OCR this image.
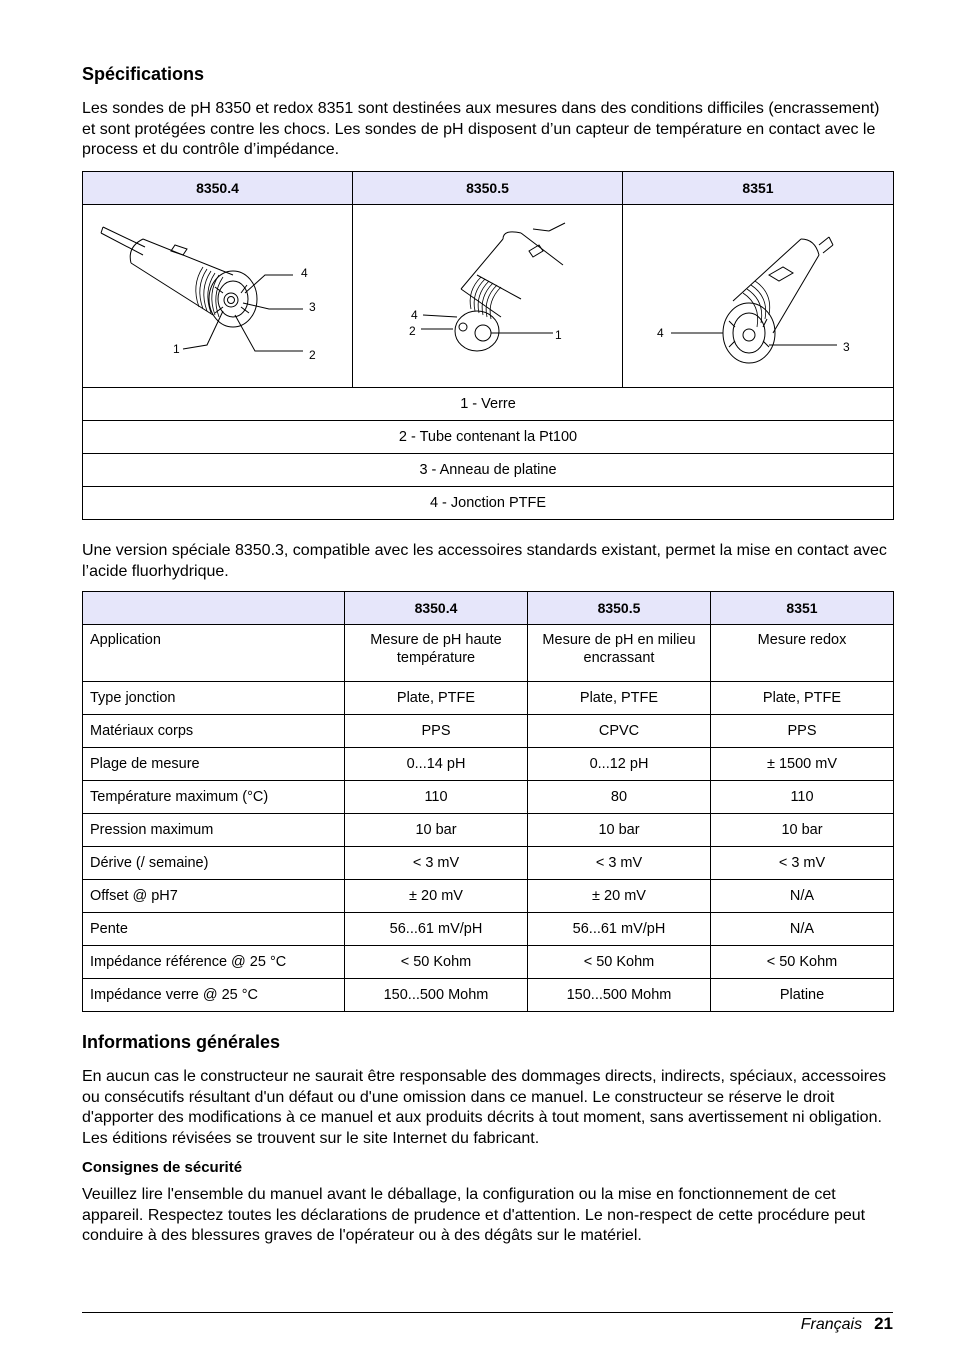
Spécifications

Les sondes de pH 8350 et redox 8351 sont destinées aux mesures dans des conditions difficiles (encrassement) et sont protégées contre les chocs. Les sondes de pH disposent d’un capteur de température en contact avec le process et du contrôle d’impédance.

8350.4	8350.5	8351

4
3
1 2	4
2 1	4
3

1 - Verre		
2 - Tube contenant la Pt100		
3 - Anneau de platine		
4 - Jonction PTFE		

Une version spéciale 8350.3, compatible avec les accessoires standards existant, permet la mise en contact avec l’acide fluorhydrique.

	8350.4	8350.5	8351
Application	Mesure de pH haute température	Mesure de pH en milieu encrassant	Mesure redox
Type jonction	Plate, PTFE	Plate, PTFE	Plate, PTFE
Matériaux corps	PPS	CPVC	PPS
Plage de mesure	0...14 pH	0...12 pH	± 1500 mV
Température maximum (°C)	110	80	110
Pression maximum	10 bar	10 bar	10 bar
Dérive (/ semaine)	< 3 mV	< 3 mV	< 3 mV
Offset @ pH7	± 20 mV	± 20 mV	N/A
Pente	56...61 mV/pH	56...61 mV/pH	N/A
Impédance référence @ 25 °C	< 50 Kohm	< 50 Kohm	< 50 Kohm
Impédance verre @ 25 °C	150...500 Mohm	150...500 Mohm	Platine
Informations générales

En aucun cas le constructeur ne saurait être responsable des dommages directs, indirects, spéciaux, accessoires ou consécutifs résultant d'un défaut ou d'une omission dans ce manuel. Le constructeur se réserve le droit d'apporter des modifications à ce manuel et aux produits décrits à tout moment, sans avertissement ni obligation. Les éditions révisées se trouvent sur le site Internet du fabricant.

Consignes de sécurité

Veuillez lire l'ensemble du manuel avant le déballage, la configuration ou la mise en fonctionnement de cet appareil. Respectez toutes les déclarations de prudence et d'attention. Le non-respect de cette procédure peut conduire à des blessures graves de l'opérateur ou à des dégâts sur le matériel.

Français 21
